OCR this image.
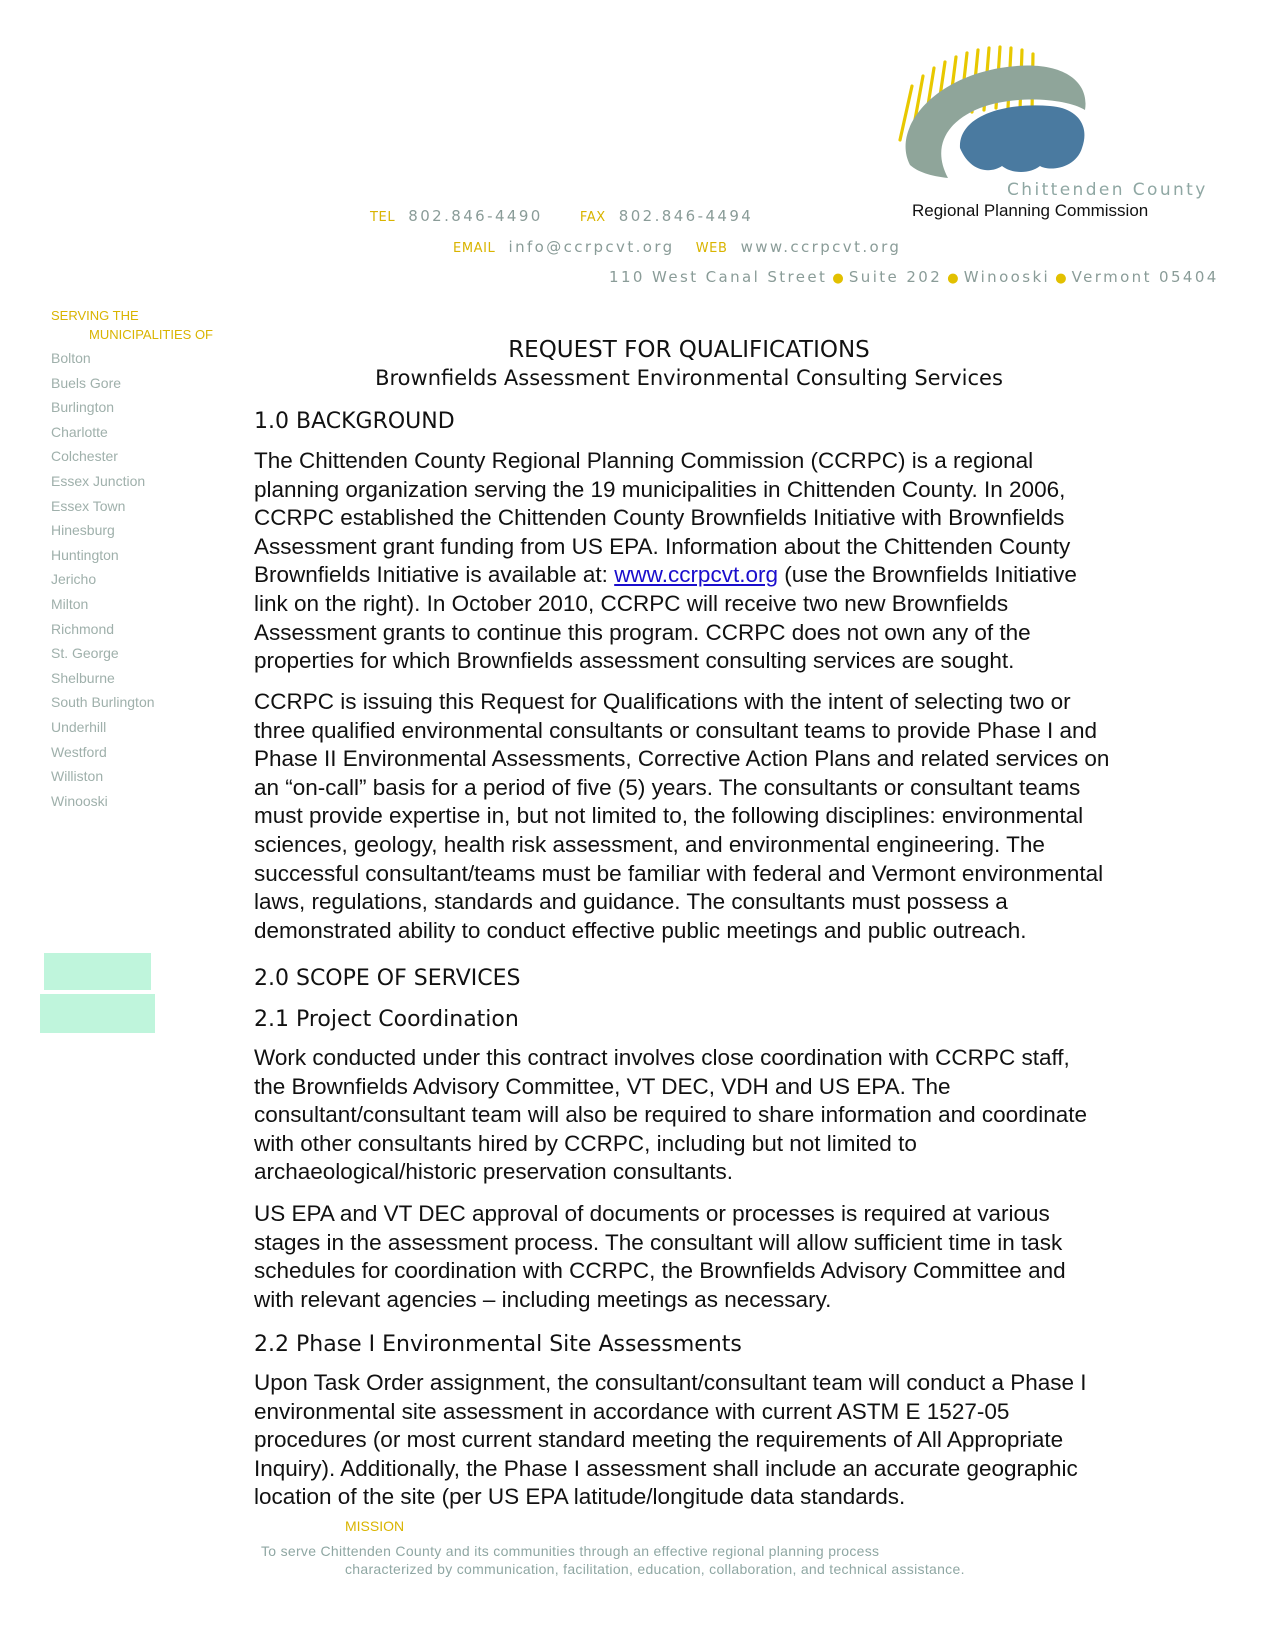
Chittenden County
Regional Planning Commission
TEL 802.846-4490	FAX 802.846-4494
EMAIL info@ccrpcvt.org WEB www.ccrpcvt.org
110 West Canal Street ● Suite 202 ● Winooski ● Vermont 05404
SERVING THE
MUNICIPALITIES OF
Bolton
Buels Gore
Burlington
Charlotte
Colchester
Essex Junction
Essex Town
Hinesburg
Huntington
Jericho
Milton
Richmond
St. George
Shelburne
South Burlington
Underhill
Westford
Williston
Winooski
REQUEST FOR QUALIFICATIONS
Brownfields Assessment Environmental Consulting Services
1.0 BACKGROUND

The Chittenden County Regional Planning Commission (CCRPC) is a regional
planning organization serving the 19 municipalities in Chittenden County. In 2006,
CCRPC established the Chittenden County Brownfields Initiative with Brownfields
Assessment grant funding from US EPA. Information about the Chittenden County
Brownfields Initiative is available at: www.ccrpcvt.org (use the Brownfields Initiative
link on the right). In October 2010, CCRPC will receive two new Brownfields
Assessment grants to continue this program. CCRPC does not own any of the
properties for which Brownfields assessment consulting services are sought.

CCRPC is issuing this Request for Qualifications with the intent of selecting two or
three qualified environmental consultants or consultant teams to provide Phase I and
Phase II Environmental Assessments, Corrective Action Plans and related services on
an “on-call” basis for a period of five (5) years. The consultants or consultant teams
must provide expertise in, but not limited to, the following disciplines: environmental
sciences, geology, health risk assessment, and environmental engineering. The
successful consultant/teams must be familiar with federal and Vermont environmental
laws, regulations, standards and guidance. The consultants must possess a
demonstrated ability to conduct effective public meetings and public outreach.

2.0 SCOPE OF SERVICES
2.1 Project Coordination

Work conducted under this contract involves close coordination with CCRPC staff,
the Brownfields Advisory Committee, VT DEC, VDH and US EPA. The
consultant/consultant team will also be required to share information and coordinate
with other consultants hired by CCRPC, including but not limited to
archaeological/historic preservation consultants.

US EPA and VT DEC approval of documents or processes is required at various
stages in the assessment process. The consultant will allow sufficient time in task
schedules for coordination with CCRPC, the Brownfields Advisory Committee and
with relevant agencies – including meetings as necessary.

2.2 Phase I Environmental Site Assessments

Upon Task Order assignment, the consultant/consultant team will conduct a Phase I
environmental site assessment in accordance with current ASTM E 1527-05
procedures (or most current standard meeting the requirements of All Appropriate
Inquiry). Additionally, the Phase I assessment shall include an accurate geographic
location of the site (per US EPA latitude/longitude data standards.

MISSION
To serve Chittenden County and its communities through an effective regional planning process
characterized by communication, facilitation, education, collaboration, and technical assistance.
